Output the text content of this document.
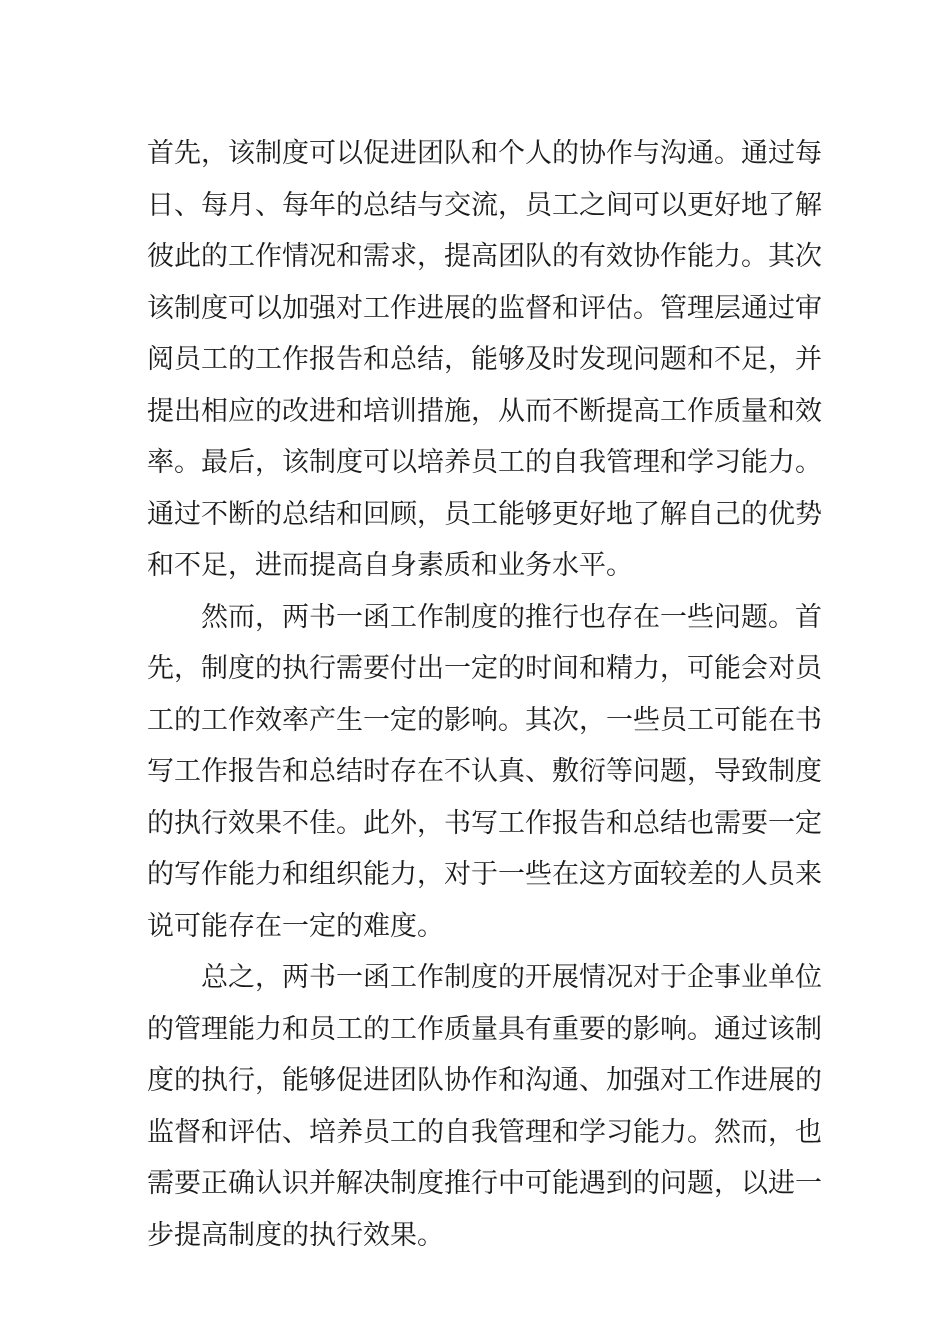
首先，该制度可以促进团队和个人的协作与沟通。通过每
日、每月、每年的总结与交流，员工之间可以更好地了解
彼此的工作情况和需求，提高团队的有效协作能力。其次
该制度可以加强对工作进展的监督和评估。管理层通过审
阅员工的工作报告和总结，能够及时发现问题和不足，并
提出相应的改进和培训措施，从而不断提高工作质量和效
率。最后，该制度可以培养员工的自我管理和学习能力。
通过不断的总结和回顾，员工能够更好地了解自己的优势
和不足，进而提高自身素质和业务水平。
然而，两书一函工作制度的推行也存在一些问题。首
先，制度的执行需要付出一定的时间和精力，可能会对员
工的工作效率产生一定的影响。其次，一些员工可能在书
写工作报告和总结时存在不认真、敷衍等问题，导致制度
的执行效果不佳。此外，书写工作报告和总结也需要一定
的写作能力和组织能力，对于一些在这方面较差的人员来
说可能存在一定的难度。
总之，两书一函工作制度的开展情况对于企事业单位
的管理能力和员工的工作质量具有重要的影响。通过该制
度的执行，能够促进团队协作和沟通、加强对工作进展的
监督和评估、培养员工的自我管理和学习能力。然而，也
需要正确认识并解决制度推行中可能遇到的问题，以进一
步提高制度的执行效果。
